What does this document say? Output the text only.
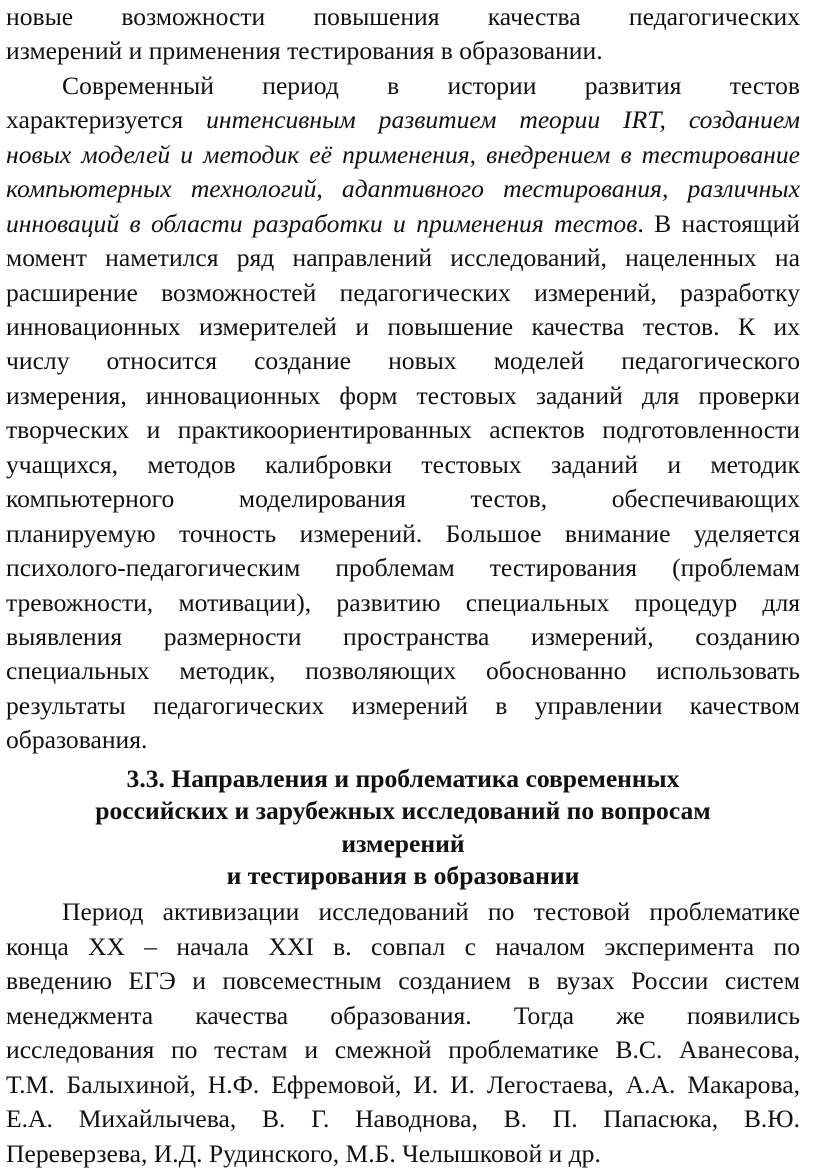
новые возможности повышения качества педагогических
измерений и применения тестирования в образовании.
Современный период в истории развития тестов
характеризуется интенсивным развитием теории IRT, созданием
новых моделей и методик её применения, внедрением в тестирование
компьютерных технологий, адаптивного тестирования, различных
инноваций в области разработки и применения тестов. В настоящий
момент наметился ряд направлений исследований, нацеленных на
расширение возможностей педагогических измерений, разработку
инновационных измерителей и повышение качества тестов. К их
числу относится создание новых моделей педагогического
измерения, инновационных форм тестовых заданий для проверки
творческих и практикоориентированных аспектов подготовленности
учащихся, методов калибровки тестовых заданий и методик
компьютерного моделирования тестов, обеспечивающих
планируемую точность измерений. Большое внимание уделяется
психолого-педагогическим проблемам тестирования (проблемам
тревожности, мотивации), развитию специальных процедур для
выявления размерности пространства измерений, созданию
специальных методик, позволяющих обоснованно использовать
результаты педагогических измерений в управлении качеством
образования.
3.3. Направления и проблематика современных
российских и зарубежных исследований по вопросам
измерений
и тестирования в образовании
Период активизации исследований по тестовой проблематике
конца XX – начала XXI в. совпал с началом эксперимента по
введению ЕГЭ и повсеместным созданием в вузах России систем
менеджмента качества образования. Тогда же появились
исследования по тестам и смежной проблематике В.С. Аванесова,
Т.М. Балыхиной, Н.Ф. Ефремовой, И. И. Легостаева, А.А. Макарова,
Е.А. Михайлычева, В. Г. Наводнова, В. П. Папасюка, В.Ю.
Переверзева, И.Д. Рудинского, М.Б. Челышковой и др.
